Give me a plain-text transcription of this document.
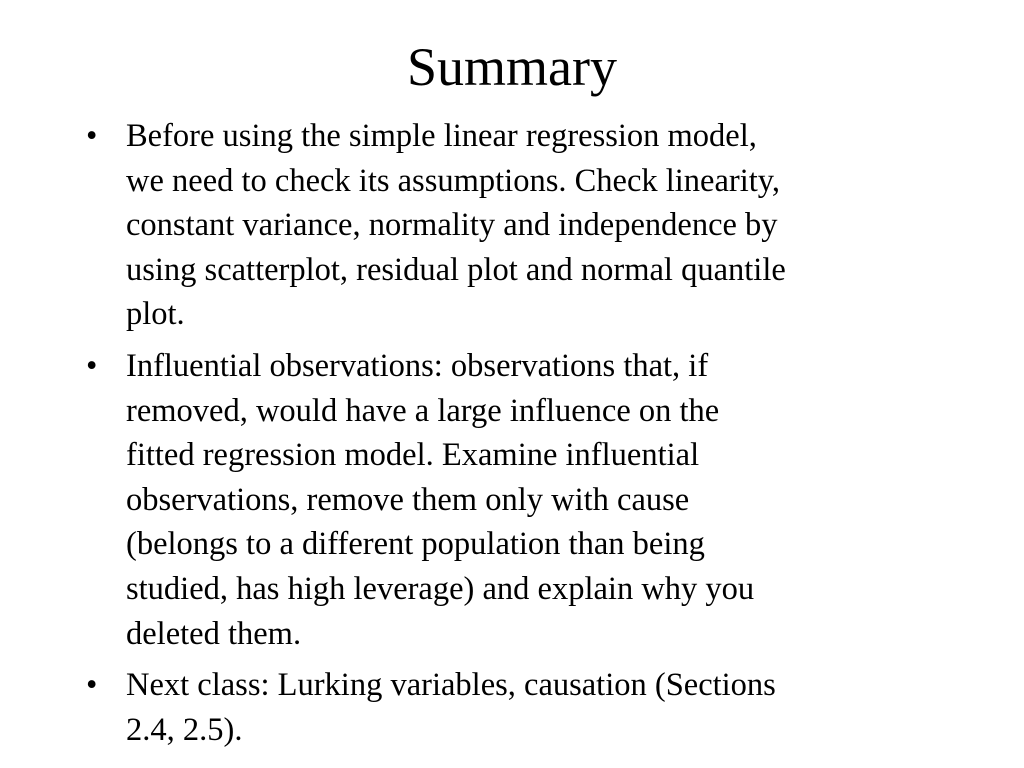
Summary
• Before using the simple linear regression model,
we need to check its assumptions. Check linearity,
constant variance, normality and independence by
using scatterplot, residual plot and normal quantile
plot.
• Influential observations: observations that, if
removed, would have a large influence on the
fitted regression model. Examine influential
observations, remove them only with cause
(belongs to a different population than being
studied, has high leverage) and explain why you
deleted them.
• Next class: Lurking variables, causation (Sections
2.4, 2.5).
